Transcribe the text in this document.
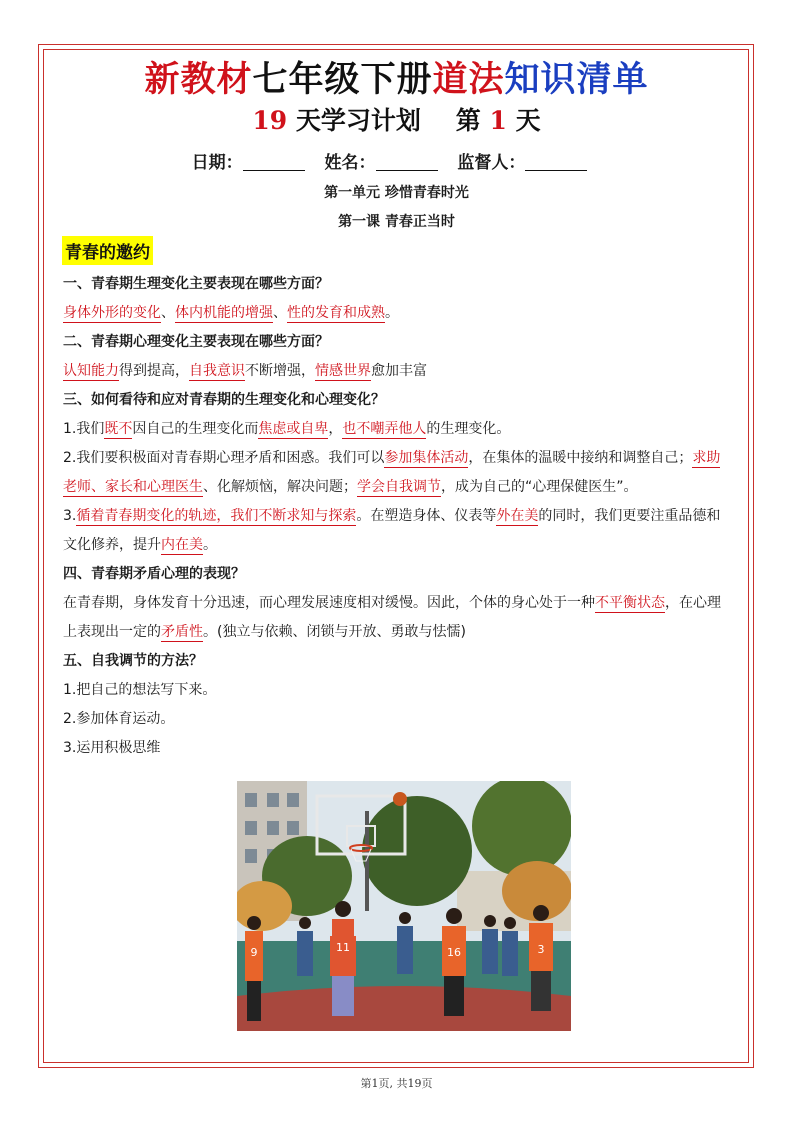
新教材七年级下册道法知识清单
19 天学习计划 第 1 天
日期：	姓名：	监督人：
第一单元 珍惜青春时光
第一课 青春正当时
青春的邀约

一、青春期生理变化主要表现在哪些方面？

身体外形的变化、体内机能的增强、性的发育和成熟。

二、青春期心理变化主要表现在哪些方面？

认知能力得到提高，自我意识不断增强，情感世界愈加丰富

三、如何看待和应对青春期的生理变化和心理变化？

1.我们既不因自己的生理变化而焦虑或自卑，也不嘲弄他人的生理变化。

2.我们要积极面对青春期心理矛盾和困惑。我们可以参加集体活动，在集体的温暖中接纳和调整自己；求助老师、家长和心理医生、化解烦恼，解决问题；学会自我调节，成为自己的“心理保健医生”。

3.循着青春期变化的轨迹，我们不断求知与探索。在塑造身体、仪表等外在美的同时，我们更要注重品德和文化修养，提升内在美。

四、青春期矛盾心理的表现？

在青春期，身体发育十分迅速，而心理发展速度相对缓慢。因此，个体的身心处于一种不平衡状态，在心理上表现出一定的矛盾性。(独立与依赖、闭锁与开放、勇敢与怯懦)

五、自我调节的方法？

1.把自己的想法写下来。

2.参加体育运动。

3.运用积极思维

9	11	16	3
第1页, 共19页
